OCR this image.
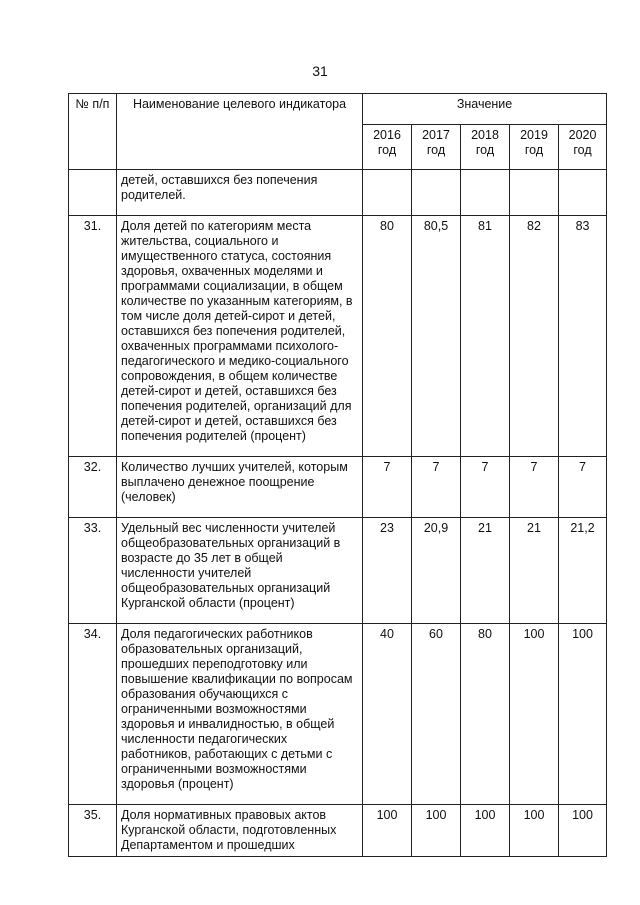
31
№ п/п	Наименование целевого индикатора	Значение				
		2016 год	2017 год	2018 год	2019 год	2020 год
	детей, оставшихся без попечения родителей.					
31.	Доля детей по категориям места жительства, социального и имущественного статуса, состояния здоровья, охваченных моделями и программами социализации, в общем количестве по указанным категориям, в том числе доля детей-сирот и детей, оставшихся без попечения родителей, охваченных программами психолого-педагогического и медико-социального сопровождения, в общем количестве детей-сирот и детей, оставшихся без попечения родителей, организаций для детей-сирот и детей, оставшихся без попечения родителей (процент)	80	80,5	81	82	83
32.	Количество лучших учителей, которым выплачено денежное поощрение (человек)	7	7	7	7	7
33.	Удельный вес численности учителей общеобразовательных организаций в возрасте до 35 лет в общей численности учителей общеобразовательных организаций Курганской области (процент)	23	20,9	21	21	21,2
34.	Доля педагогических работников образовательных организаций, прошедших переподготовку или повышение квалификации по вопросам образования обучающихся с ограниченными возможностями здоровья и инвалидностью, в общей численности педагогических работников, работающих с детьми с ограниченными возможностями здоровья (процент)	40	60	80	100	100
35.	Доля нормативных правовых актов Курганской области, подготовленных Департаментом и прошедших	100	100	100	100	100
